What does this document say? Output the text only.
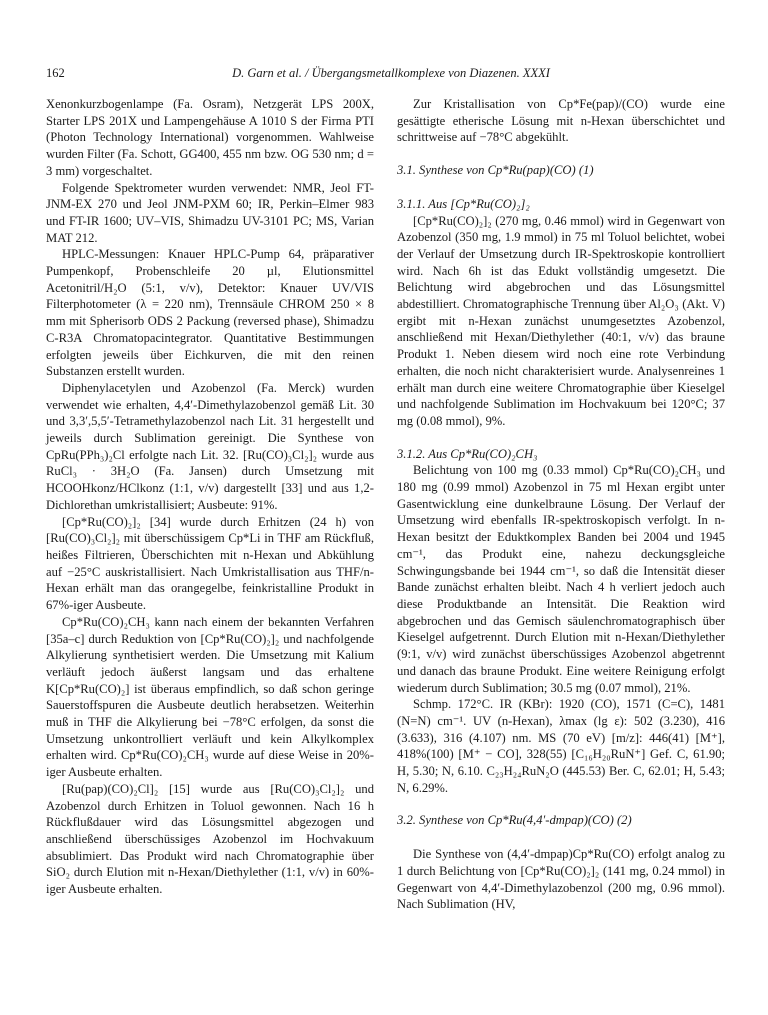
162	D. Garn et al. / Übergangsmetallkomplexe von Diazenen. XXXI

Xenonkurzbogenlampe (Fa. Osram), Netzgerät LPS 200X, Starter LPS 201X und Lampengehäuse A 1010 S der Firma PTI (Photon Technology International) vorgenommen. Wahlweise wurden Filter (Fa. Schott, GG400, 455 nm bzw. OG 530 nm; d = 3 mm) vorgeschaltet.

Folgende Spektrometer wurden verwendet: NMR, Jeol FT-JNM-EX 270 und Jeol JNM-PXM 60; IR, Perkin–Elmer 983 und FT-IR 1600; UV–VIS, Shimadzu UV-3101 PC; MS, Varian MAT 212.

HPLC-Messungen: Knauer HPLC-Pump 64, präparativer Pumpenkopf, Probenschleife 20 µl, Elutionsmittel Acetonitril/H₂O (5:1, v/v), Detektor: Knauer UV/VIS Filterphotometer (λ = 220 nm), Trennsäule CHROM 250 × 8 mm mit Spherisorb ODS 2 Packung (reversed phase), Shimadzu C-R3A Chromatopacintegrator. Quantitative Bestimmungen erfolgten jeweils über Eichkurven, die mit den reinen Substanzen erstellt wurden.

Diphenylacetylen und Azobenzol (Fa. Merck) wurden verwendet wie erhalten, 4,4′-Dimethylazobenzol gemäß Lit. 30 und 3,3′,5,5′-Tetramethylazobenzol nach Lit. 31 hergestellt und jeweils durch Sublimation gereinigt. Die Synthese von CpRu(PPh₃)₂Cl erfolgte nach Lit. 32. [Ru(CO)₃Cl₂]₂ wurde aus RuCl₃ · 3H₂O (Fa. Jansen) durch Umsetzung mit HCOOHkonz/HClkonz (1:1, v/v) dargestellt [33] und aus 1,2-Dichlorethan umkristallisiert; Ausbeute: 91%.

[Cp*Ru(CO)₂]₂ [34] wurde durch Erhitzen (24 h) von [Ru(CO)₃Cl₂]₂ mit überschüssigem Cp*Li in THF am Rückfluß, heißes Filtrieren, Überschichten mit n-Hexan und Abkühlung auf −25°C auskristallisiert. Nach Umkristallisation aus THF/n-Hexan erhält man das orangegelbe, feinkristalline Produkt in 67%-iger Ausbeute.

Cp*Ru(CO)₂CH₃ kann nach einem der bekannten Verfahren [35a–c] durch Reduktion von [Cp*Ru(CO)₂]₂ und nachfolgende Alkylierung synthetisiert werden. Die Umsetzung mit Kalium verläuft jedoch äußerst langsam und das erhaltene K[Cp*Ru(CO)₂] ist überaus empfindlich, so daß schon geringe Sauerstoffspuren die Ausbeute deutlich herabsetzen. Weiterhin muß in THF die Alkylierung bei −78°C erfolgen, da sonst die Umsetzung unkontrolliert verläuft und kein Alkylkomplex erhalten wird. Cp*Ru(CO)₂CH₃ wurde auf diese Weise in 20%-iger Ausbeute erhalten.

[Ru(pap)(CO)₂Cl]₂ [15] wurde aus [Ru(CO)₃Cl₂]₂ und Azobenzol durch Erhitzen in Toluol gewonnen. Nach 16 h Rückflußdauer wird das Lösungsmittel abgezogen und anschließend überschüssiges Azobenzol im Hochvakuum absublimiert. Das Produkt wird nach Chromatographie über SiO₂ durch Elution mit n-Hexan/Diethylether (1:1, v/v) in 60%-iger Ausbeute erhalten.

Zur Kristallisation von Cp*Fe(pap)/(CO) wurde eine gesättigte etherische Lösung mit n-Hexan überschichtet und schrittweise auf −78°C abgekühlt.

3.1. Synthese von Cp*Ru(pap)(CO) (1)
3.1.1. Aus [Cp*Ru(CO)₂]₂

[Cp*Ru(CO)₂]₂ (270 mg, 0.46 mmol) wird in Gegenwart von Azobenzol (350 mg, 1.9 mmol) in 75 ml Toluol belichtet, wobei der Verlauf der Umsetzung durch IR-Spektroskopie kontrolliert wird. Nach 6h ist das Edukt vollständig umgesetzt. Die Belichtung wird abgebrochen und das Lösungsmittel abdestilliert. Chromatographische Trennung über Al₂O₃ (Akt. V) ergibt mit n-Hexan zunächst unumgesetztes Azobenzol, anschließend mit Hexan/Diethylether (40:1, v/v) das braune Produkt 1. Neben diesem wird noch eine rote Verbindung erhalten, die noch nicht charakterisiert wurde. Analysenreines 1 erhält man durch eine weitere Chromatographie über Kieselgel und nachfolgende Sublimation im Hochvakuum bei 120°C; 37 mg (0.08 mmol), 9%.

3.1.2. Aus Cp*Ru(CO)₂CH₃

Belichtung von 100 mg (0.33 mmol) Cp*Ru(CO)₂CH₃ und 180 mg (0.99 mmol) Azobenzol in 75 ml Hexan ergibt unter Gasentwicklung eine dunkelbraune Lösung. Der Verlauf der Umsetzung wird ebenfalls IR-spektroskopisch verfolgt. In n-Hexan besitzt der Eduktkomplex Banden bei 2004 und 1945 cm⁻¹, das Produkt eine, nahezu deckungsgleiche Schwingungsbande bei 1944 cm⁻¹, so daß die Intensität dieser Bande zunächst erhalten bleibt. Nach 4 h verliert jedoch auch diese Produktbande an Intensität. Die Reaktion wird abgebrochen und das Gemisch säulenchromatographisch über Kieselgel aufgetrennt. Durch Elution mit n-Hexan/Diethylether (9:1, v/v) wird zunächst überschüssiges Azobenzol abgetrennt und danach das braune Produkt. Eine weitere Reinigung erfolgt wiederum durch Sublimation; 30.5 mg (0.07 mmol), 21%.

Schmp. 172°C. IR (KBr): 1920 (CO), 1571 (C=C), 1481 (N=N) cm⁻¹. UV (n-Hexan), λmax (lg ε): 502 (3.230), 416 (3.633), 316 (4.107) nm. MS (70 eV) [m/z]: 446(41) [M⁺], 418%(100) [M⁺ − CO], 328(55) [C₁₆H₂₀RuN⁺] Gef. C, 61.90; H, 5.30; N, 6.10. C₂₃H₂₄RuN₂O (445.53) Ber. C, 62.01; H, 5.43; N, 6.29%.

3.2. Synthese von Cp*Ru(4,4′-dmpap)(CO) (2)

Die Synthese von (4,4′-dmpap)Cp*Ru(CO) erfolgt analog zu 1 durch Belichtung von [Cp*Ru(CO)₂]₂ (141 mg, 0.24 mmol) in Gegenwart von 4,4′-Dimethylazobenzol (200 mg, 0.96 mmol). Nach Sublimation (HV,
